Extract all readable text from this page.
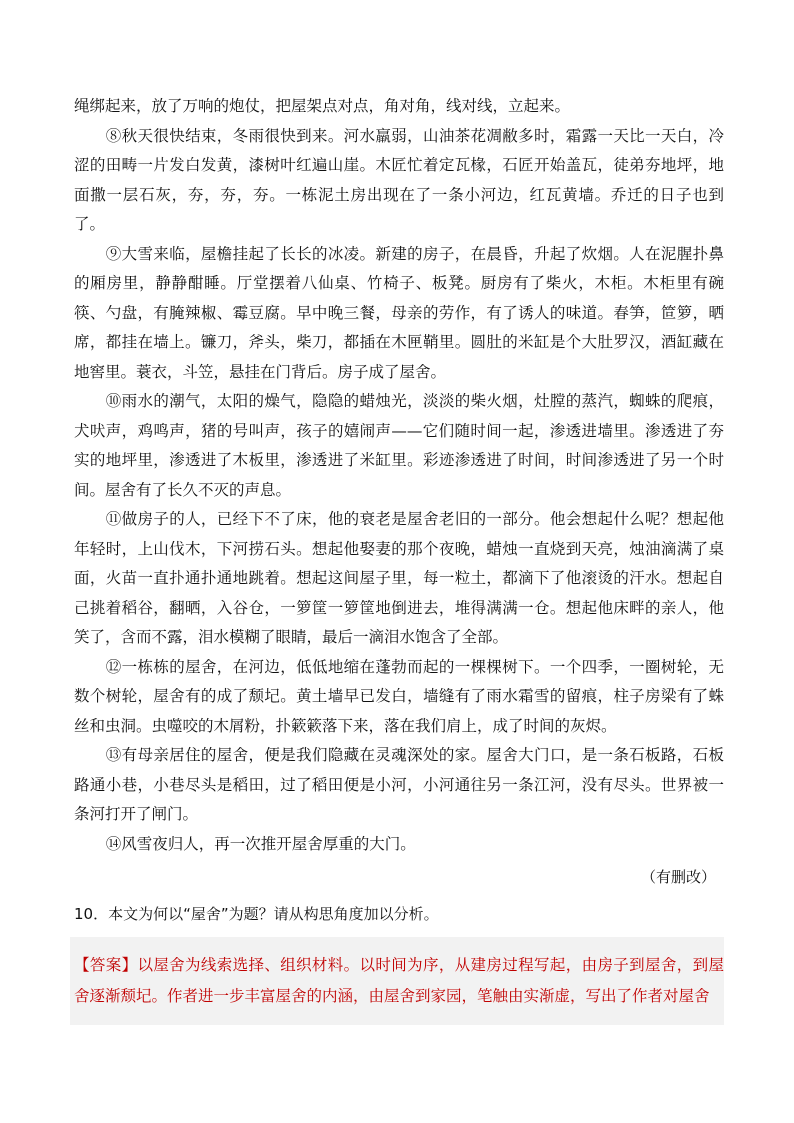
绳绑起来，放了万响的炮仗，把屋架点对点，角对角，线对线，立起来。

⑧秋天很快结束，冬雨很快到来。河水羸弱，山油茶花凋敝多时，霜露一天比一天白，冷涩的田畴一片发白发黄，漆树叶红遍山崖。木匠忙着定瓦椽，石匠开始盖瓦，徒弟夯地坪，地面撒一层石灰，夯，夯，夯。一栋泥土房出现在了一条小河边，红瓦黄墙。乔迁的日子也到了。

⑨大雪来临，屋檐挂起了长长的冰凌。新建的房子，在晨昏，升起了炊烟。人在泥腥扑鼻的厢房里，静静酣睡。厅堂摆着八仙桌、竹椅子、板凳。厨房有了柴火，木柜。木柜里有碗筷、勺盘，有腌辣椒、霉豆腐。早中晚三餐，母亲的劳作，有了诱人的味道。春笋，笸箩，晒席，都挂在墙上。镰刀，斧头，柴刀，都插在木匣鞘里。圆肚的米缸是个大肚罗汉，酒缸藏在地窖里。蓑衣，斗笠，悬挂在门背后。房子成了屋舍。

⑩雨水的潮气，太阳的燥气，隐隐的蜡烛光，淡淡的柴火烟，灶膛的蒸汽，蜘蛛的爬痕，犬吠声，鸡鸣声，猪的号叫声，孩子的嬉闹声——它们随时间一起，渗透进墙里。渗透进了夯实的地坪里，渗透进了木板里，渗透进了米缸里。彩迹渗透进了时间，时间渗透进了另一个时间。屋舍有了长久不灭的声息。

⑪做房子的人，已经下不了床，他的衰老是屋舍老旧的一部分。他会想起什么呢？想起他年轻时，上山伐木，下河捞石头。想起他娶妻的那个夜晚，蜡烛一直烧到天亮，烛油滴满了桌面，火苗一直扑通扑通地跳着。想起这间屋子里，每一粒土，都滴下了他滚烫的汗水。想起自己挑着稻谷，翻晒，入谷仓，一箩筐一箩筐地倒进去，堆得满满一仓。想起他床畔的亲人，他笑了，含而不露，泪水模糊了眼睛，最后一滴泪水饱含了全部。

⑫一栋栋的屋舍，在河边，低低地缩在蓬勃而起的一棵棵树下。一个四季，一圈树轮，无数个树轮，屋舍有的成了颓圮。黄土墙早已发白，墙缝有了雨水霜雪的留痕，柱子房梁有了蛛丝和虫洞。虫噬咬的木屑粉，扑簌簌落下来，落在我们肩上，成了时间的灰烬。

⑬有母亲居住的屋舍，便是我们隐藏在灵魂深处的家。屋舍大门口，是一条石板路，石板路通小巷，小巷尽头是稻田，过了稻田便是小河，小河通往另一条江河，没有尽头。世界被一条河打开了闸门。

⑭风雪夜归人，再一次推开屋舍厚重的大门。

（有删改）

10．本文为何以“屋舍”为题？请从构思角度加以分析。

【答案】以屋舍为线索选择、组织材料。以时间为序，从建房过程写起，由房子到屋舍，到屋舍逐渐颓圮。作者进一步丰富屋舍的内涵，由屋舍到家园，笔触由实渐虚，写出了作者对屋舍
